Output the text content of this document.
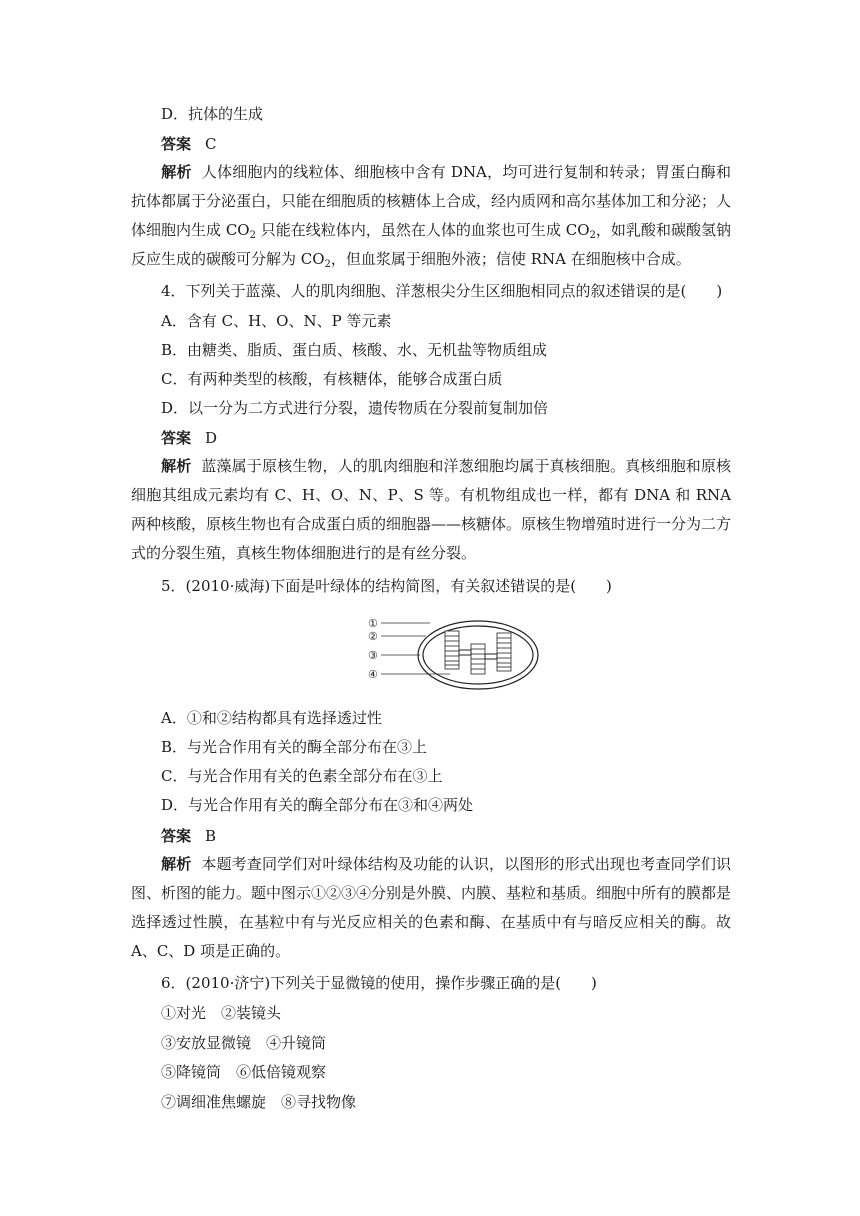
D．抗体的生成
答案 C
解析 人体细胞内的线粒体、细胞核中含有 DNA，均可进行复制和转录；胃蛋白酶和抗体都属于分泌蛋白，只能在细胞质的核糖体上合成，经内质网和高尔基体加工和分泌；人体细胞内生成 $CO_2$ 只能在线粒体内，虽然在人体的血浆也可生成 $CO_2$，如乳酸和碳酸氢钠反应生成的碳酸可分解为 $CO_2$，但血浆属于细胞外液；信使 RNA 在细胞核中合成。
4．下列关于蓝藻、人的肌肉细胞、洋葱根尖分生区细胞相同点的叙述错误的是(　　)
A．含有 C、H、O、N、P 等元素
B．由糖类、脂质、蛋白质、核酸、水、无机盐等物质组成
C．有两种类型的核酸，有核糖体，能够合成蛋白质
D．以一分为二方式进行分裂，遗传物质在分裂前复制加倍
答案 D
解析 蓝藻属于原核生物，人的肌肉细胞和洋葱细胞均属于真核细胞。真核细胞和原核细胞其组成元素均有 C、H、O、N、P、S 等。有机物组成也一样，都有 DNA 和 RNA 两种核酸，原核生物也有合成蛋白质的细胞器——核糖体。原核生物增殖时进行一分为二方式的分裂生殖，真核生物体细胞进行的是有丝分裂。
5．(2010·威海)下面是叶绿体的结构简图，有关叙述错误的是(　　)
①
②
③
④
A．①和②结构都具有选择透过性
B．与光合作用有关的酶全部分布在③上
C．与光合作用有关的色素全部分布在③上
D．与光合作用有关的酶全部分布在③和④两处
答案 B
解析 本题考查同学们对叶绿体结构及功能的认识，以图形的形式出现也考查同学们识图、析图的能力。题中图示①②③④分别是外膜、内膜、基粒和基质。细胞中所有的膜都是选择透过性膜，在基粒中有与光反应相关的色素和酶、在基质中有与暗反应相关的酶。故 A、C、D 项是正确的。
6．(2010·济宁)下列关于显微镜的使用，操作步骤正确的是(　　)
①对光　②装镜头
③安放显微镜　④升镜筒
⑤降镜筒　⑥低倍镜观察
⑦调细准焦螺旋　⑧寻找物像
